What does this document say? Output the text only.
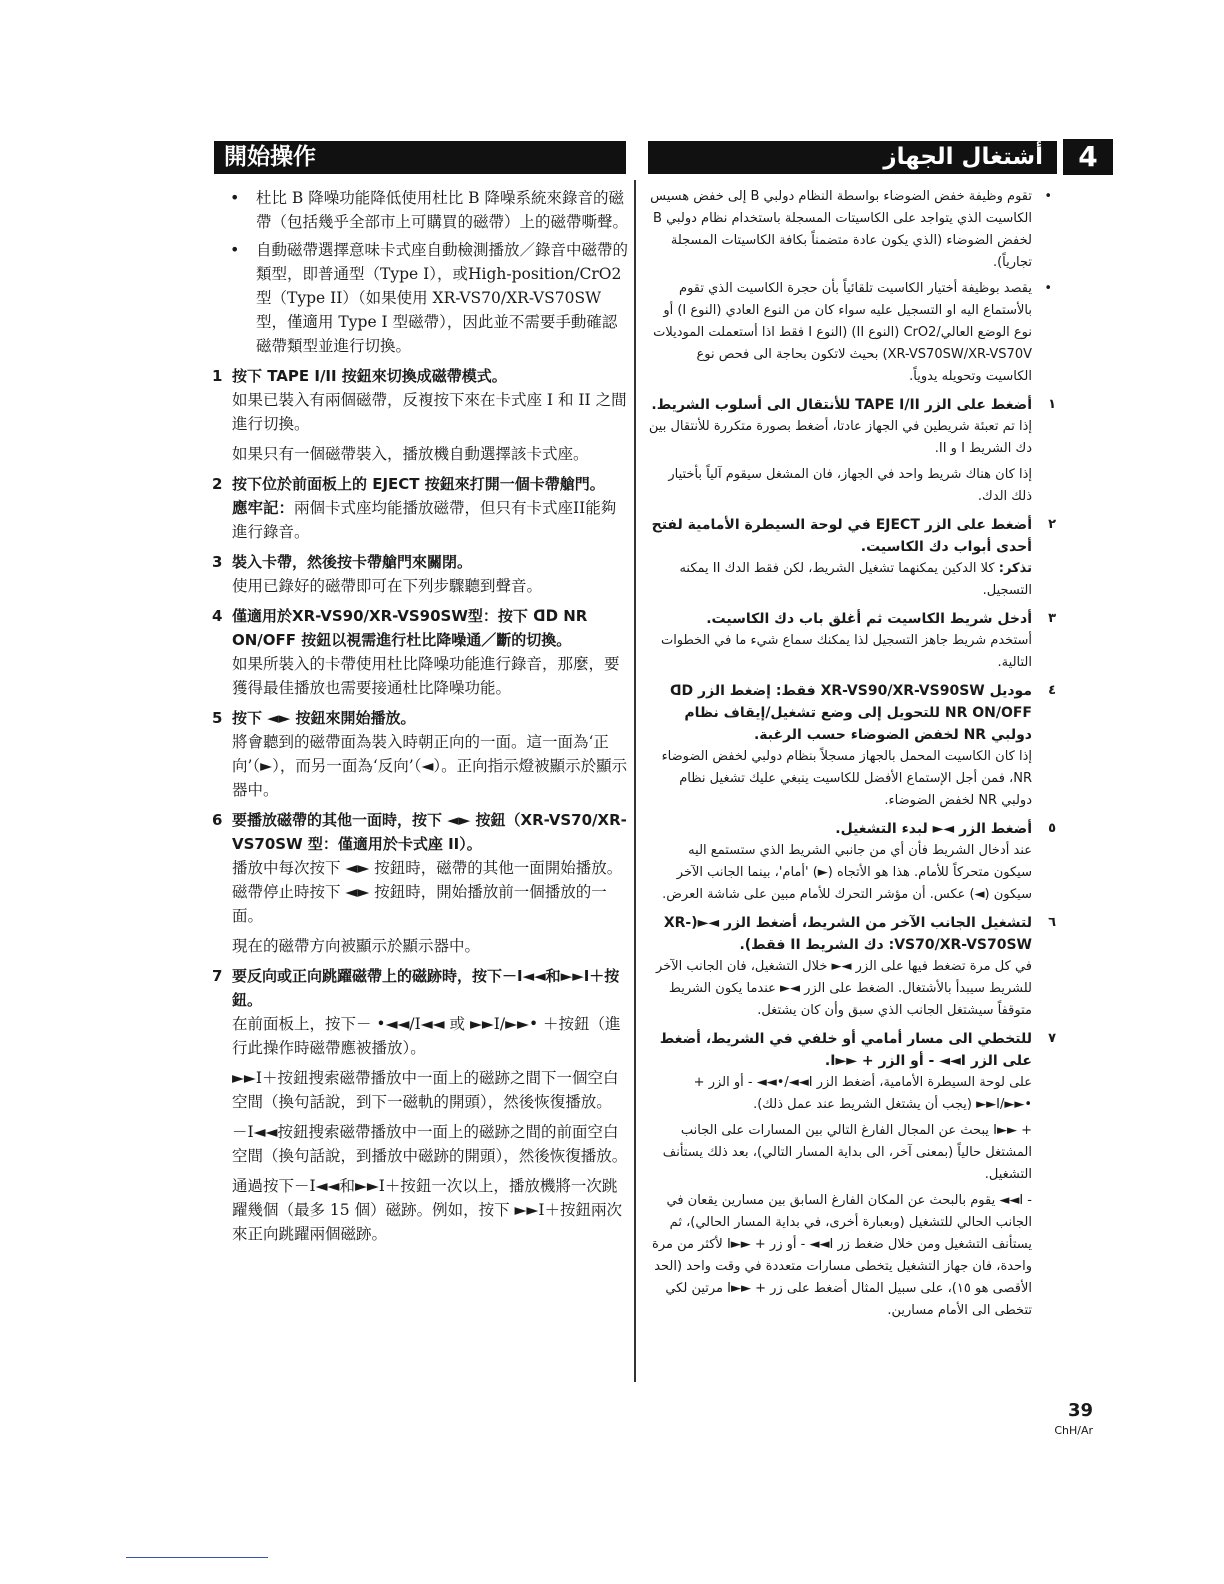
開始操作	أشتغال الجهاز	4
• 杜比 B 降噪功能降低使用杜比 B 降噪系統來錄音的磁帶（包括幾乎全部市上可購買的磁帶）上的磁帶嘶聲。
• 自動磁帶選擇意味卡式座自動檢測播放／錄音中磁帶的類型，即普通型（Type I），或High-position/CrO2 型（Type II）（如果使用 XR-VS70/XR-VS70SW 型，僅適用 Type I 型磁帶），因此並不需要手動確認磁帶類型並進行切換。
1 按下 TAPE I/II 按鈕來切換成磁帶模式。

如果已裝入有兩個磁帶，反複按下來在卡式座 I 和 II 之間進行切換。

如果只有一個磁帶裝入，播放機自動選擇該卡式座。

2 按下位於前面板上的 EJECT 按鈕來打開一個卡帶艙門。

應牢記：兩個卡式座均能播放磁帶，但只有卡式座II能夠進行錄音。

3 裝入卡帶，然後按卡帶艙門來關閉。

使用已錄好的磁帶即可在下列步驟聽到聲音。

4 僅適用於XR-VS90/XR-VS90SW型：按下 ᗡᗞ NR ON/OFF 按鈕以視需進行杜比降噪通／斷的切換。

如果所裝入的卡帶使用杜比降噪功能進行錄音，那麼，要獲得最佳播放也需要接通杜比降噪功能。

5 按下 ◄► 按鈕來開始播放。

將會聽到的磁帶面為裝入時朝正向的一面。這一面為‘正向’（►），而另一面為‘反向’（◄）。正向指示燈被顯示於顯示器中。

6 要播放磁帶的其他一面時，按下 ◄► 按鈕（XR-VS70/XR-VS70SW 型：僅適用於卡式座 II）。

播放中每次按下 ◄► 按鈕時，磁帶的其他一面開始播放。磁帶停止時按下 ◄► 按鈕時，開始播放前一個播放的一面。

現在的磁帶方向被顯示於顯示器中。

7 要反向或正向跳躍磁帶上的磁跡時，按下－I◄◄和►►I＋按鈕。

在前面板上，按下－ •◄◄/I◄◄ 或 ►►I/►►• ＋按鈕（進行此操作時磁帶應被播放）。

►►I＋按鈕搜索磁帶播放中一面上的磁跡之間下一個空白空間（換句話說，到下一磁軌的開頭），然後恢復播放。

－I◄◄按鈕搜索磁帶播放中一面上的磁跡之間的前面空白空間（換句話說，到播放中磁跡的開頭），然後恢復播放。

通過按下－I◄◄和►►I＋按鈕一次以上，播放機將一次跳躍幾個（最多 15 個）磁跡。例如，按下 ►►I＋按鈕兩次來正向跳躍兩個磁跡。

•
تقوم وظيفة خفض الضوضاء بواسطة النظام دولبي B إلى خفض هسيس الكاسيت الذي يتواجد على الكاسيتات المسجلة باستخدام نظام دولبي B لخفض الضوضاء (الذي يكون عادة متضمناً بكافة الكاسيتات المسجلة تجارياً).
•
يقصد بوظيفة أختيار الكاسيت تلقائياً بأن حجرة الكاسيت الذي تقوم بالأستماع اليه او التسجيل عليه سواء كان من النوع العادي (النوع I) أو نوع الوضع العالي/CrO2 (النوع II) (النوع I فقط اذا أستعملت الموديلات XR-VS70SW/XR-VS70V) بحيث لاتكون بحاجة الى فحص نوع الكاسيت وتحويله يدوياً.
١
أضغط على الزر TAPE I/II للأنتقال الى أسلوب الشريط.

إذا تم تعبئة شريطين في الجهاز عادتا، أضغط بصورة متكررة للأنتقال بين دك الشريط I و II.

إذا كان هناك شريط واحد في الجهاز، فان المشغل سيقوم آلياً بأختيار ذلك الدك.

٢
أضغط على الزر EJECT في لوحة السيطرة الأمامية لفتح أحدى أبواب دك الكاسيت.

تذكر: كلا الدكين يمكنهما تشغيل الشريط، لكن فقط الدك II يمكنه التسجيل.

٣
أدخل شريط الكاسيت ثم أغلق باب دك الكاسيت.

أستخدم شريط جاهز التسجيل لذا يمكنك سماع شيء ما في الخطوات التالية.

٤
موديل XR-VS90/XR-VS90SW فقط: إضغط الزر ᗡᗞ NR ON/OFF للتحويل إلى وضع تشغيل/إيقاف نظام دولبي NR لخفض الضوضاء حسب الرغبة.

إذا كان الكاسيت المحمل بالجهاز مسجلاً بنظام دولبي لخفض الضوضاء NR، فمن أجل الإستماع الأفضل للكاسيت ينبغي عليك تشغيل نظام دولبي NR لخفض الضوضاء.

٥
أضغط الزر ◄► لبدء التشغيل.

عند أدخال الشريط فأن أي من جانبي الشريط الذي ستستمع اليه سيكون متحركاً للأمام. هذا هو الأتجاه (►) 'أمام'، بينما الجانب الآخر سيكون (◄) عكس. أن مؤشر التحرك للأمام مبين على شاشة العرض.

٦
لتشغيل الجانب الآخر من الشريط، أضغط الزر ◄►(XR-VS70/XR-VS70SW: دك الشريط II فقط).

في كل مرة تضغط فيها على الزر ◄► خلال التشغيل، فان الجانب الآخر للشريط سيبدأ بالأشتغال. الضغط على الزر ◄► عندما يكون الشريط متوقفاً سيشتغل الجانب الذي سبق وأن كان يشتغل.

٧
للتخطي الى مسار أمامي أو خلفي في الشريط، أضغط على الزر I◄◄ - أو الزر + ►►I.

على لوحة السيطرة الأمامية، أضغط الزر I◄◄/•◄◄ - أو الزر + •►►/I►► (يجب أن يشتغل الشريط عند عمل ذلك).

+ ►►I يبحث عن المجال الفارغ التالي بين المسارات على الجانب المشتغل حالياً (بمعنى آخر، الى بداية المسار التالي)، بعد ذلك يستأنف التشغيل.

- I◄◄ يقوم بالبحث عن المكان الفارغ السابق بين مسارين يقعان في الجانب الحالي للتشغيل (وبعبارة أخرى، في بداية المسار الحالي)، ثم يستأنف التشغيل ومن خلال ضغط زر I◄◄ - أو زر + ►►I لأكثر من مرة واحدة، فان جهاز التشغيل يتخطى مسارات متعددة في وقت واحد (الحد الأقصى هو ١٥)، على سبيل المثال أضغط على زر + ►►I مرتين لكي تتخطى الى الأمام مسارين.

39
ChH/Ar
